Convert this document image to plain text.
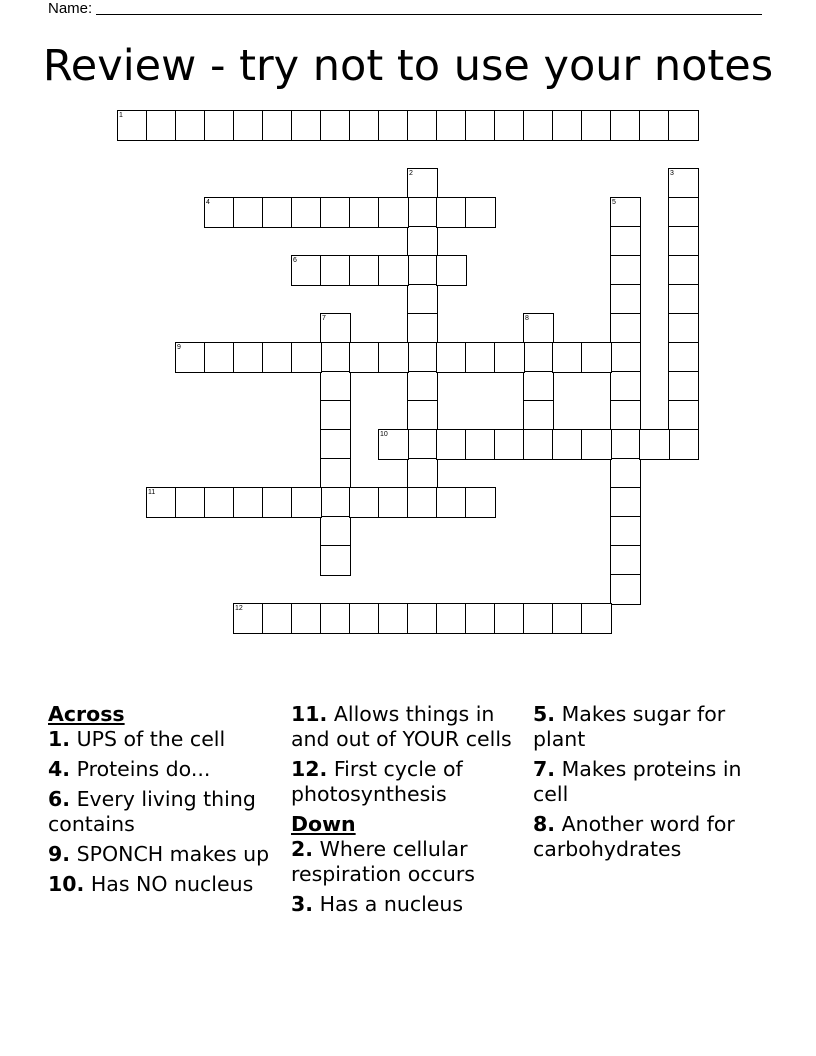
Name:
Review - try not to use your notes
1
2	3
4	5
6
7	8
9
10
11
12
Across
1. UPS of the cell
4. Proteins do...
6. Every living thing contains
9. SPONCH makes up
10. Has NO nucleus
11. Allows things in and out of YOUR cells
12. First cycle of photosynthesis
Down
2. Where cellular respiration occurs
3. Has a nucleus
5. Makes sugar for plant
7. Makes proteins in cell
8. Another word for carbohydrates
